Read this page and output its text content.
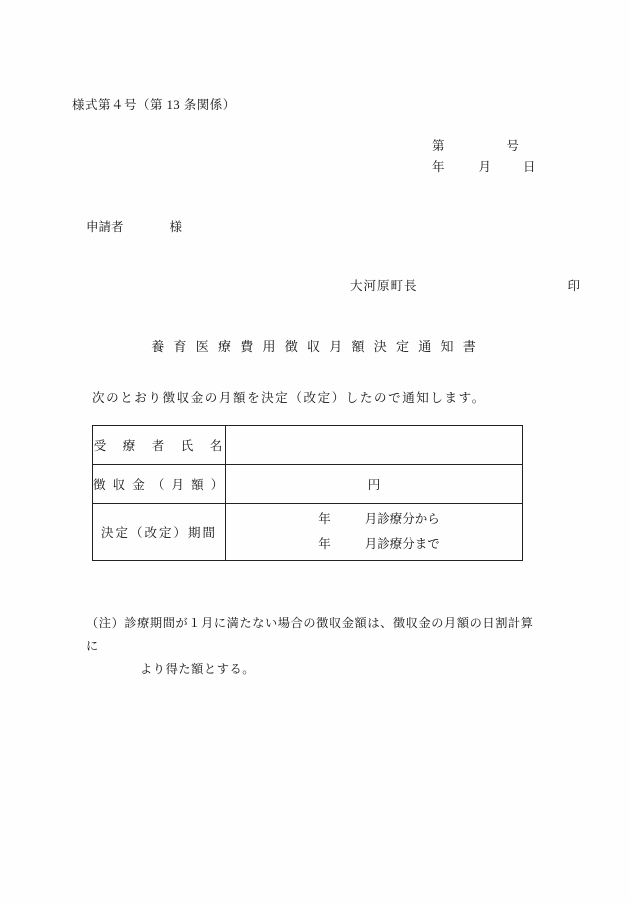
様式第４号（第 13 条関係）
第	号
年	月	日
申請者	様
大河原町長	印
養 育 医 療 費 用 徴 収 月 額 決 定 通 知 書
次のとおり徴収金の月額を決定（改定）したので通知します。
受　療　者　氏　名	
徴 収 金 （ 月 額 ）	円
決定（改定）期間	年 月診療分から
年 月診療分まで
（注）診療期間が１月に満たない場合の徴収金額は、徴収金の月額の日割計算に
より得た額とする。
